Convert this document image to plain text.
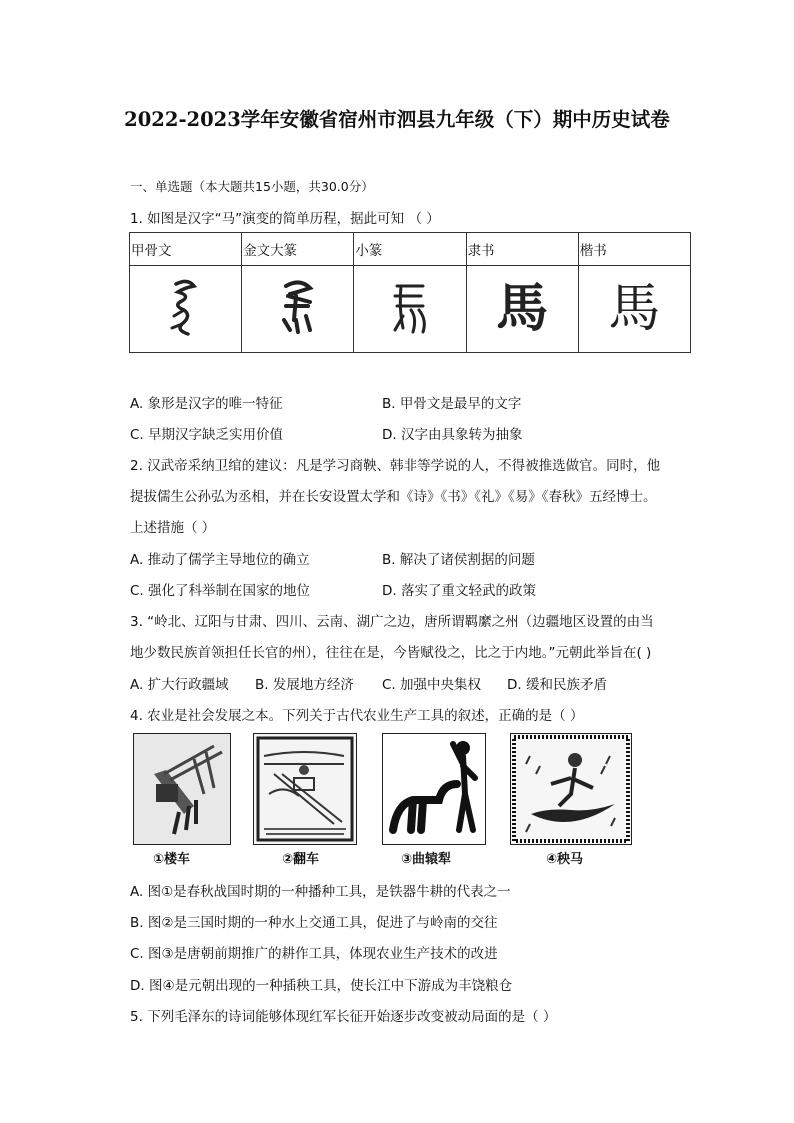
2022-2023学年安徽省宿州市泗县九年级（下）期中历史试卷
一、单选题（本大题共15小题，共30.0分）
1. 如图是汉字“马”演变的简单历程，据此可知 （ ）
甲骨文	金文大篆	小篆	隶书	楷书
			馬	馬
A. 象形是汉字的唯一特征	B. 甲骨文是最早的文字
C. 早期汉字缺乏实用价值	D. 汉字由具象转为抽象
2. 汉武帝采纳卫绾的建议：凡是学习商鞅、韩非等学说的人，不得被推选做官。同时，他
提拔儒生公孙弘为丞相，并在长安设置太学和《诗》《书》《礼》《易》《春秋》五经博士。
上述措施（ ）
A. 推动了儒学主导地位的确立	B. 解决了诸侯割据的问题
C. 强化了科举制在国家的地位	D. 落实了重文轻武的政策
3. “岭北、辽阳与甘肃、四川、云南、湖广之边，唐所谓羁縻之州（边疆地区设置的由当
地少数民族首领担任长官的州），往往在是，今皆赋役之，比之于内地。”元朝此举旨在( )
A. 扩大行政疆域 B. 发展地方经济 C. 加强中央集权 D. 缓和民族矛盾
4. 农业是社会发展之本。下列关于古代农业生产工具的叙述，正确的是（ ）
①楼车	②翻车	③曲辕犁	④秧马
A. 图①是春秋战国时期的一种播种工具，是铁器牛耕的代表之一
B. 图②是三国时期的一种水上交通工具，促进了与岭南的交往
C. 图③是唐朝前期推广的耕作工具，体现农业生产技术的改进
D. 图④是元朝出现的一种插秧工具，使长江中下游成为丰饶粮仓
5. 下列毛泽东的诗词能够体现红军长征开始逐步改变被动局面的是（ ）
